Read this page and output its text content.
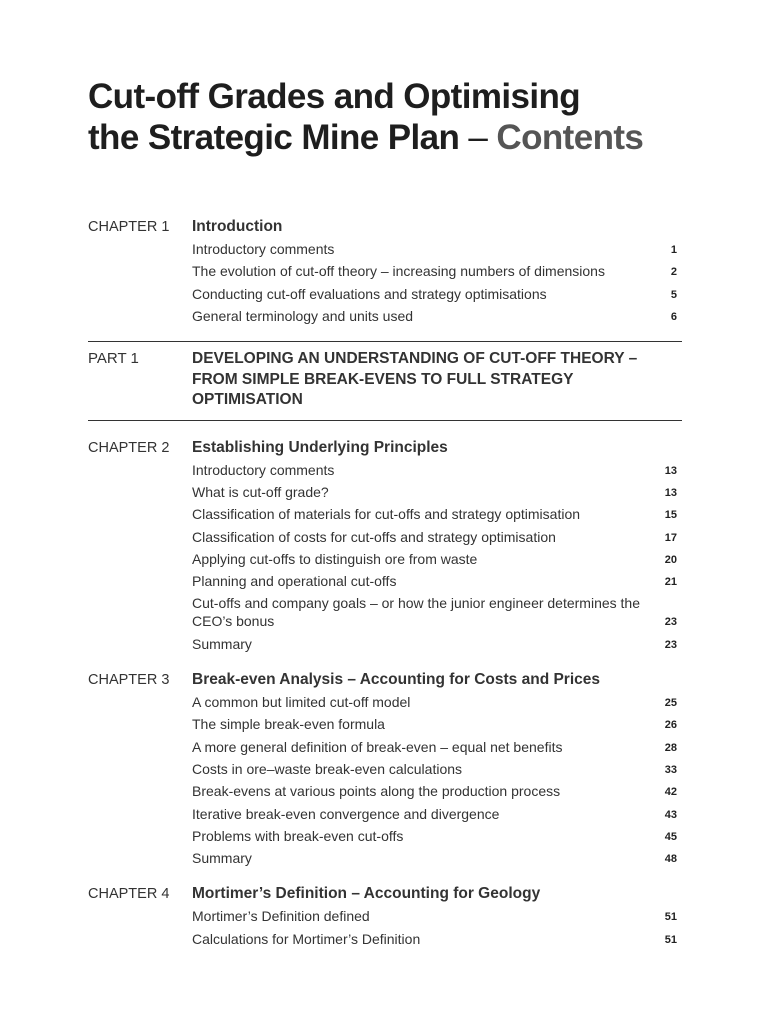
Cut-off Grades and Optimising
the Strategic Mine Plan – Contents
CHAPTER 1	Introduction
Introductory comments	1
The evolution of cut-off theory – increasing numbers of dimensions	2
Conducting cut-off evaluations and strategy optimisations	5
General terminology and units used	6
PART 1	DEVELOPING AN UNDERSTANDING OF CUT-OFF THEORY – FROM SIMPLE BREAK-EVENS TO FULL STRATEGY OPTIMISATION
CHAPTER 2	Establishing Underlying Principles
Introductory comments	13
What is cut-off grade?	13
Classification of materials for cut-offs and strategy optimisation	15
Classification of costs for cut-offs and strategy optimisation	17
Applying cut-offs to distinguish ore from waste	20
Planning and operational cut-offs	21
Cut-offs and company goals – or how the junior engineer determines the CEO’s bonus	23
Summary	23
CHAPTER 3	Break-even Analysis – Accounting for Costs and Prices
A common but limited cut-off model	25
The simple break-even formula	26
A more general definition of break-even – equal net benefits	28
Costs in ore–waste break-even calculations	33
Break-evens at various points along the production process	42
Iterative break-even convergence and divergence	43
Problems with break-even cut-offs	45
Summary	48
CHAPTER 4	Mortimer’s Definition – Accounting for Geology
Mortimer’s Definition defined	51
Calculations for Mortimer’s Definition	51
